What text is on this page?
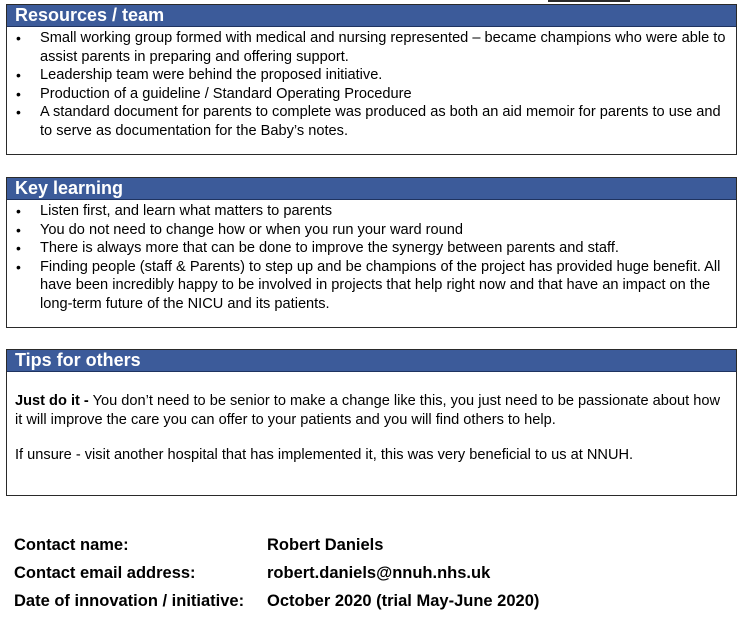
Resources / team
• Small working group formed with medical and nursing represented – became champions who were able to assist parents in preparing and offering support.
• Leadership team were behind the proposed initiative.
• Production of a guideline / Standard Operating Procedure
• A standard document for parents to complete was produced as both an aid memoir for parents to use and to serve as documentation for the Baby’s notes.
Key learning
• Listen first, and learn what matters to parents
• You do not need to change how or when you run your ward round
• There is always more that can be done to improve the synergy between parents and staff.
• Finding people (staff & Parents) to step up and be champions of the project has provided huge benefit. All have been incredibly happy to be involved in projects that help right now and that have an impact on the long-term future of the NICU and its patients.
Tips for others

Just do it - You don’t need to be senior to make a change like this, you just need to be passionate about how it will improve the care you can offer to your patients and you will find others to help.

If unsure - visit another hospital that has implemented it, this was very beneficial to us at NNUH.

Contact name:	Robert Daniels
Contact email address:	robert.daniels@nnuh.nhs.uk
Date of innovation / initiative:	October 2020 (trial May-June 2020)
